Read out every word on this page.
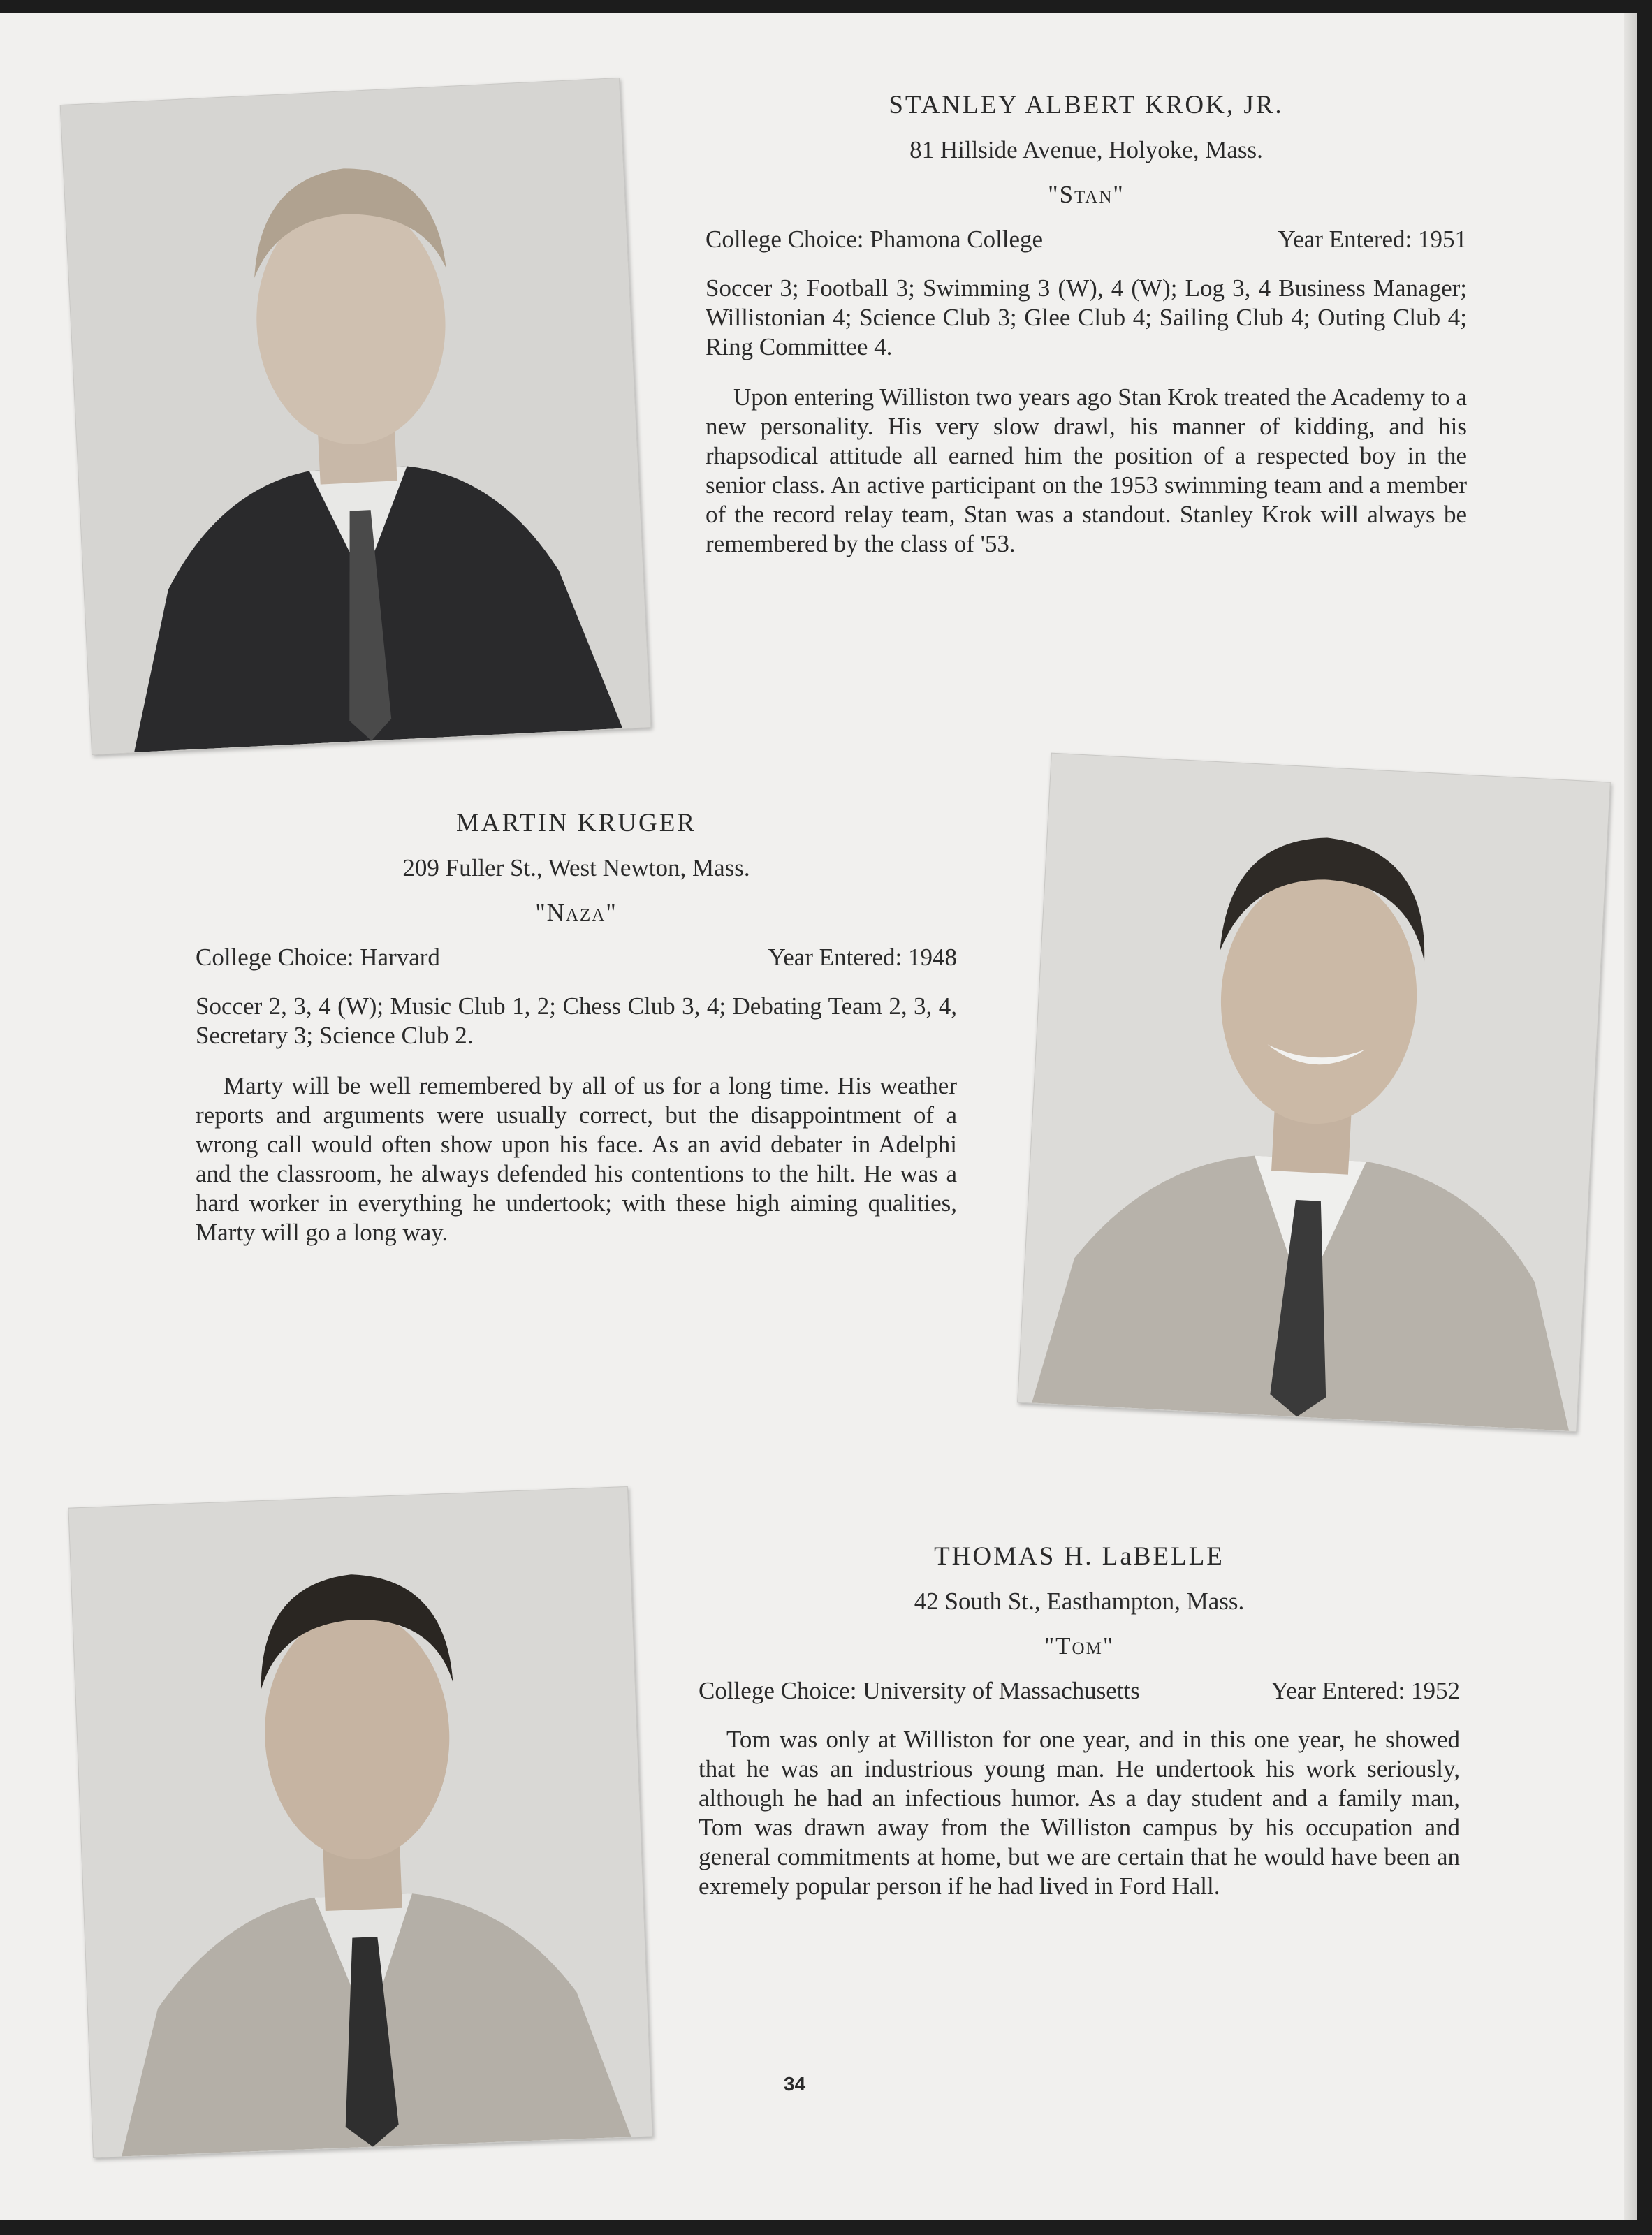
STANLEY ALBERT KROK, JR.
81 Hillside Avenue, Holyoke, Mass.
"Stan"
College Choice: Phamona College	Year Entered: 1951
Soccer 3; Football 3; Swimming 3 (W), 4 (W); Log 3, 4 Business Manager; Willistonian 4; Science Club 3; Glee Club 4; Sailing Club 4; Outing Club 4; Ring Committee 4.
Upon entering Williston two years ago Stan Krok treated the Academy to a new personality. His very slow drawl, his manner of kidding, and his rhapsodical attitude all earned him the position of a respected boy in the senior class. An active participant on the 1953 swimming team and a member of the record relay team, Stan was a standout. Stanley Krok will always be remembered by the class of '53.
MARTIN KRUGER
209 Fuller St., West Newton, Mass.
"Naza"
College Choice: Harvard	Year Entered: 1948
Soccer 2, 3, 4 (W); Music Club 1, 2; Chess Club 3, 4; Debating Team 2, 3, 4, Secretary 3; Science Club 2.
Marty will be well remembered by all of us for a long time. His weather reports and arguments were usually correct, but the disappointment of a wrong call would often show upon his face. As an avid debater in Adelphi and the classroom, he always defended his contentions to the hilt. He was a hard worker in everything he undertook; with these high aiming qualities, Marty will go a long way.
THOMAS H. LaBELLE
42 South St., Easthampton, Mass.
"Tom"
College Choice: University of Massachusetts	Year Entered: 1952
Tom was only at Williston for one year, and in this one year, he showed that he was an industrious young man. He undertook his work seriously, although he had an infectious humor. As a day student and a family man, Tom was drawn away from the Williston campus by his occupation and general commitments at home, but we are certain that he would have been an exremely popular person if he had lived in Ford Hall.
34
